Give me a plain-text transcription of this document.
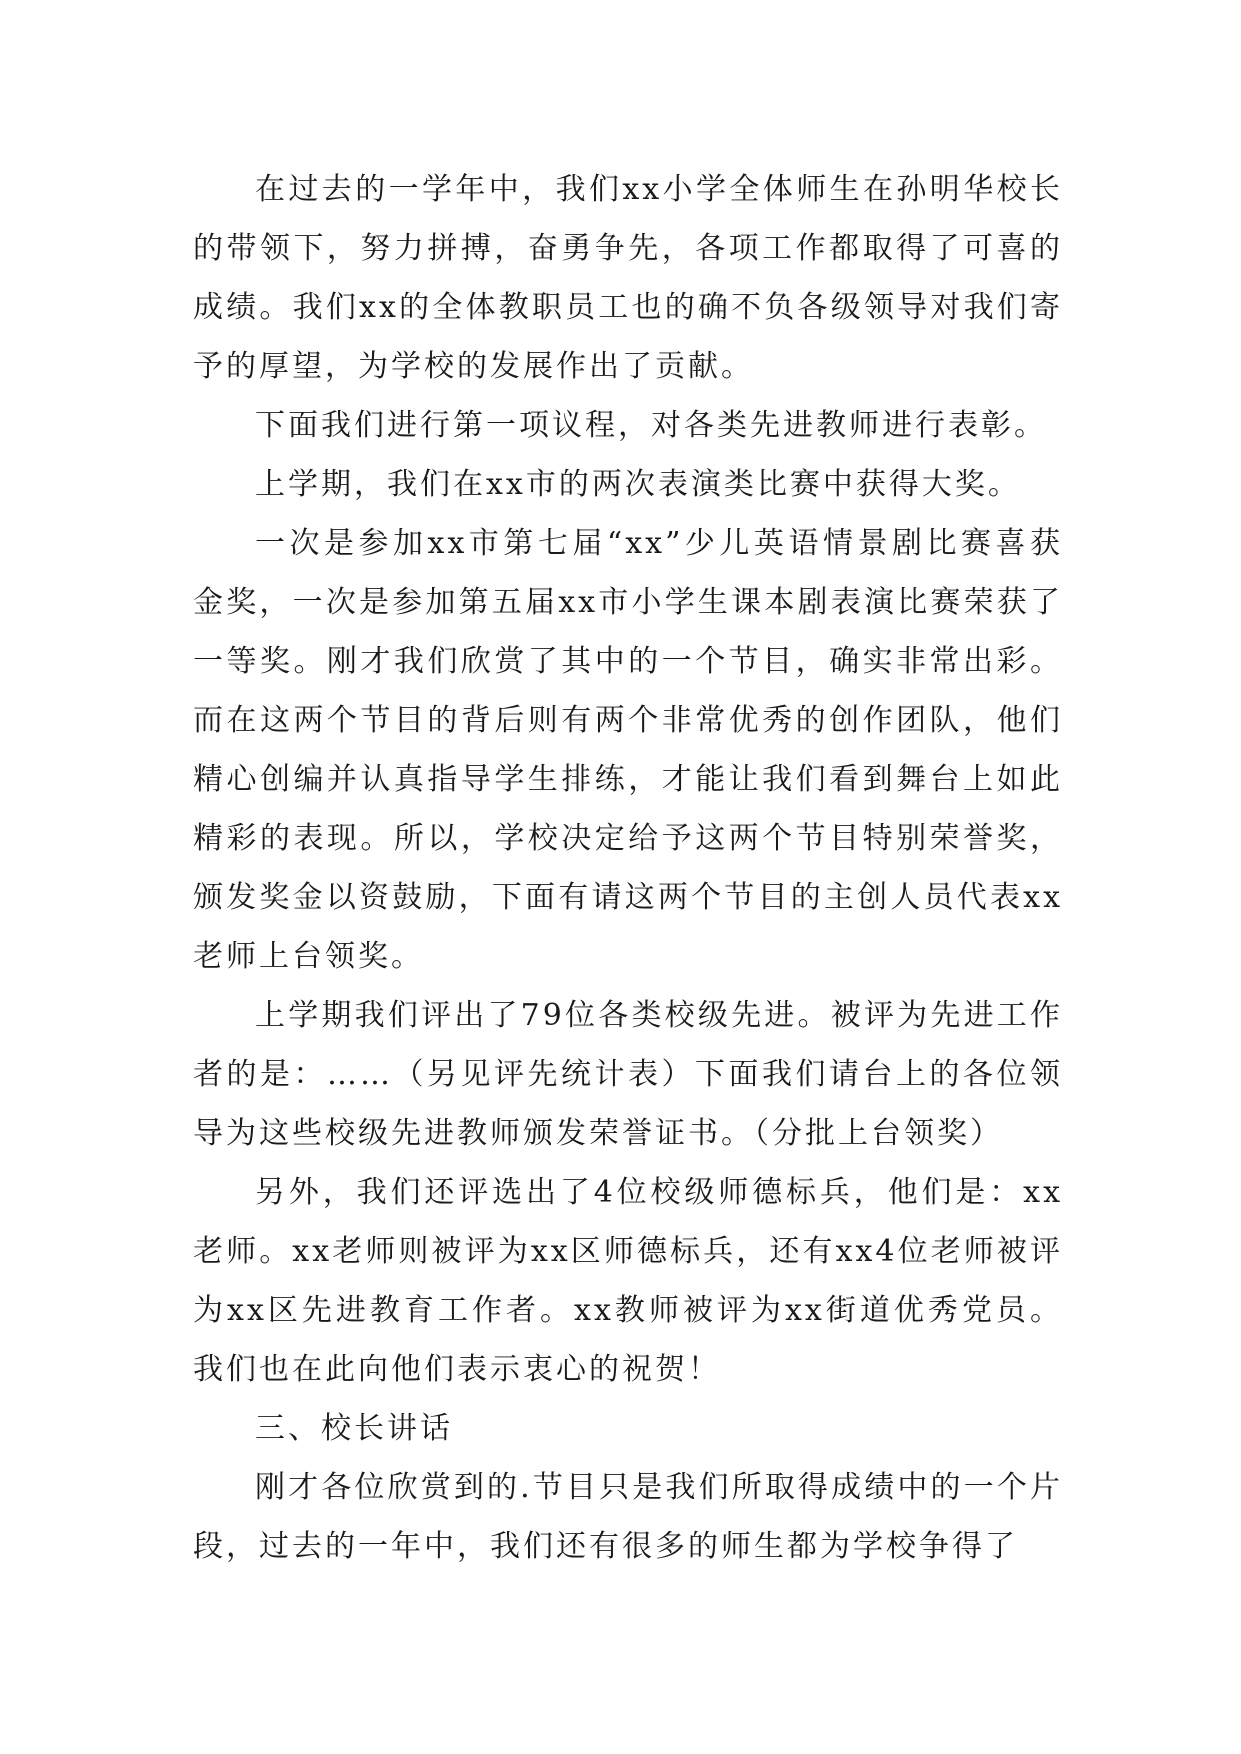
在过去的一学年中，我们xx小学全体师生在孙明华校长的带领下，努力拼搏，奋勇争先，各项工作都取得了可喜的成绩。我们xx的全体教职员工也的确不负各级领导对我们寄予的厚望，为学校的发展作出了贡献。

下面我们进行第一项议程，对各类先进教师进行表彰。

上学期，我们在xx市的两次表演类比赛中获得大奖。

一次是参加xx市第七届“xx”少儿英语情景剧比赛喜获金奖，一次是参加第五届xx市小学生课本剧表演比赛荣获了一等奖。刚才我们欣赏了其中的一个节目，确实非常出彩。而在这两个节目的背后则有两个非常优秀的创作团队，他们精心创编并认真指导学生排练，才能让我们看到舞台上如此精彩的表现。所以，学校决定给予这两个节目特别荣誉奖，颁发奖金以资鼓励，下面有请这两个节目的主创人员代表xx老师上台领奖。

上学期我们评出了79位各类校级先进。被评为先进工作者的是：……（另见评先统计表）下面我们请台上的各位领导为这些校级先进教师颁发荣誉证书。（分批上台领奖）

另外，我们还评选出了4位校级师德标兵，他们是：xx老师。xx老师则被评为xx区师德标兵，还有xx4位老师被评为xx区先进教育工作者。xx教师被评为xx街道优秀党员。我们也在此向他们表示衷心的祝贺！

三、校长讲话

刚才各位欣赏到的.节目只是我们所取得成绩中的一个片段，过去的一年中，我们还有很多的师生都为学校争得了
